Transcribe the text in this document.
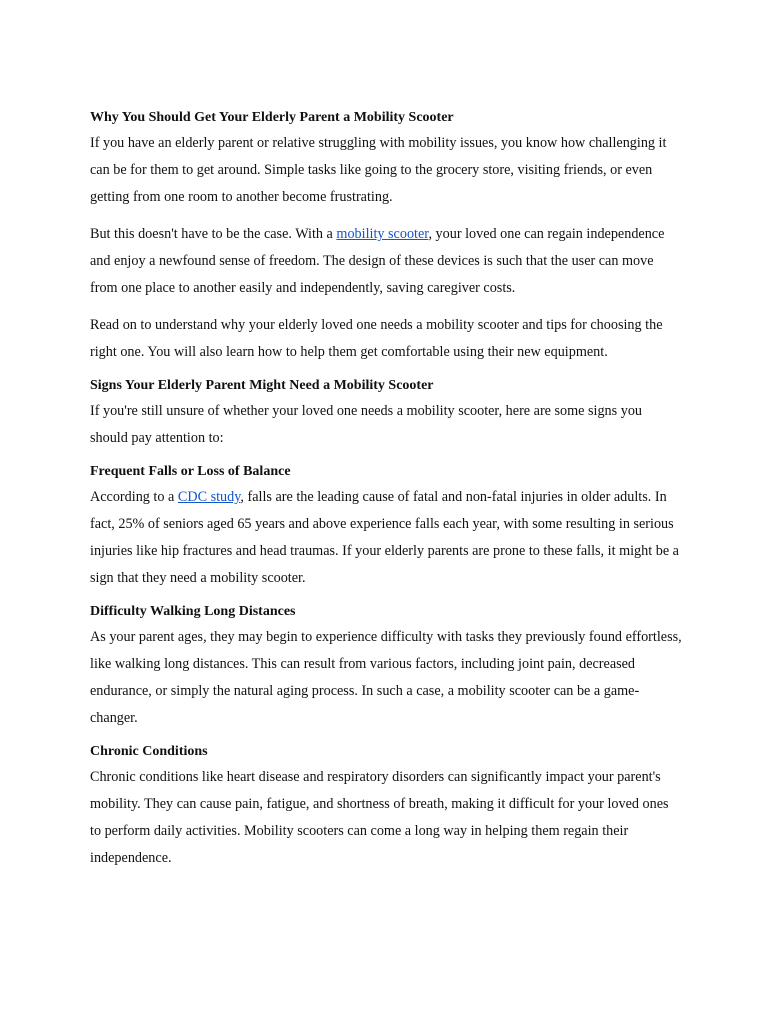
Why You Should Get Your Elderly Parent a Mobility Scooter

If you have an elderly parent or relative struggling with mobility issues, you know how challenging it can be for them to get around. Simple tasks like going to the grocery store, visiting friends, or even getting from one room to another become frustrating.

But this doesn't have to be the case. With a mobility scooter, your loved one can regain independence and enjoy a newfound sense of freedom. The design of these devices is such that the user can move from one place to another easily and independently, saving caregiver costs.

Read on to understand why your elderly loved one needs a mobility scooter and tips for choosing the right one. You will also learn how to help them get comfortable using their new equipment.

Signs Your Elderly Parent Might Need a Mobility Scooter

If you're still unsure of whether your loved one needs a mobility scooter, here are some signs you should pay attention to:

Frequent Falls or Loss of Balance

According to a CDC study, falls are the leading cause of fatal and non-fatal injuries in older adults. In fact, 25% of seniors aged 65 years and above experience falls each year, with some resulting in serious injuries like hip fractures and head traumas. If your elderly parents are prone to these falls, it might be a sign that they need a mobility scooter.

Difficulty Walking Long Distances

As your parent ages, they may begin to experience difficulty with tasks they previously found effortless, like walking long distances. This can result from various factors, including joint pain, decreased endurance, or simply the natural aging process. In such a case, a mobility scooter can be a game-changer.

Chronic Conditions

Chronic conditions like heart disease and respiratory disorders can significantly impact your parent's mobility. They can cause pain, fatigue, and shortness of breath, making it difficult for your loved ones to perform daily activities. Mobility scooters can come a long way in helping them regain their independence.
